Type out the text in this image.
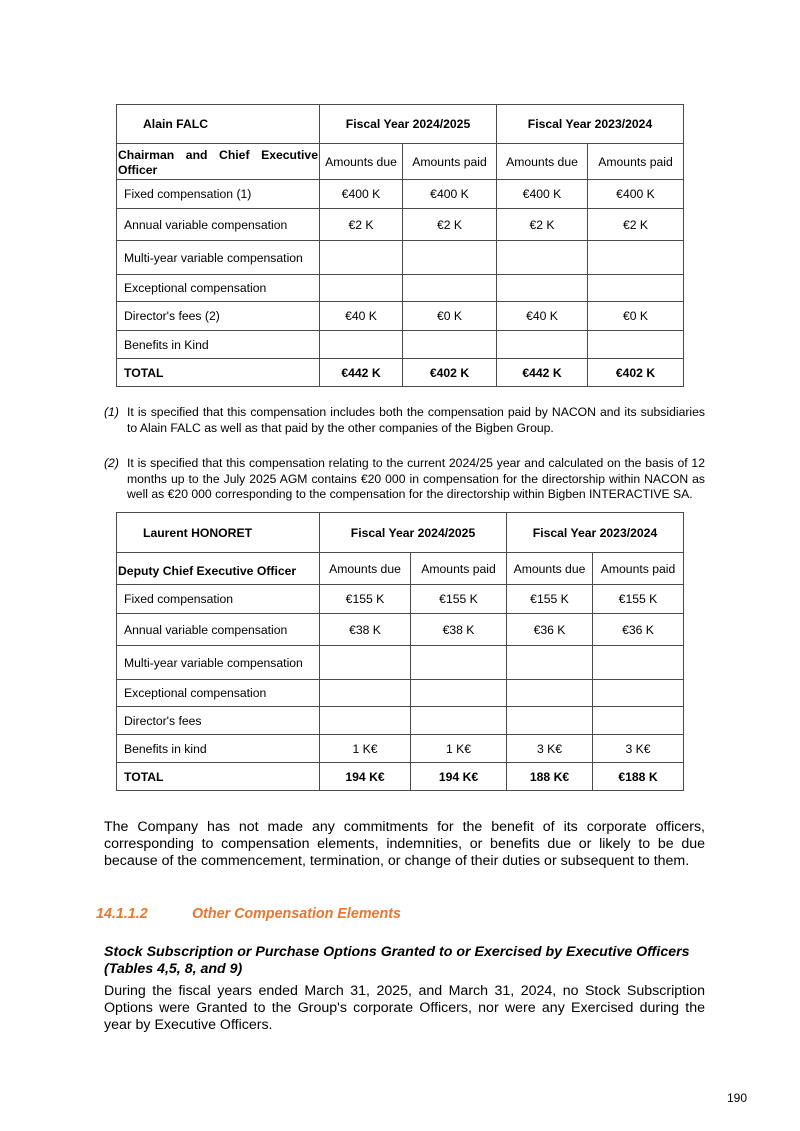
Alain FALC	Fiscal Year 2024/2025		Fiscal Year 2023/2024	
Chairman and Chief Executive
Officer	Amounts due	Amounts paid	Amounts due	Amounts paid
Fixed compensation (1)	€400 K	€400 K	€400 K	€400 K
Annual variable compensation	€2 K	€2 K	€2 K	€2 K
Multi-year variable compensation				
Exceptional compensation				
Director's fees (2)	€40 K	€0 K	€40 K	€0 K
Benefits in Kind				
TOTAL	€442 K	€402 K	€442 K	€402 K
(1) It is specified that this compensation includes both the compensation paid by NACON and its subsidiaries to Alain FALC as well as that paid by the other companies of the Bigben Group.
(2) It is specified that this compensation relating to the current 2024/25 year and calculated on the basis of 12 months up to the July 2025 AGM contains €20 000 in compensation for the directorship within NACON as well as €20 000 corresponding to the compensation for the directorship within Bigben INTERACTIVE SA.
Laurent HONORET	Fiscal Year 2024/2025		Fiscal Year 2023/2024	
Deputy Chief Executive Officer	Amounts due	Amounts paid	Amounts due	Amounts paid
Fixed compensation	€155 K	€155 K	€155 K	€155 K
Annual variable compensation	€38 K	€38 K	€36 K	€36 K
Multi-year variable compensation				
Exceptional compensation				
Director's fees				
Benefits in kind	1 K€	1 K€	3 K€	3 K€
TOTAL	194 K€	194 K€	188 K€	€188 K
The Company has not made any commitments for the benefit of its corporate officers, corresponding to compensation elements, indemnities, or benefits due or likely to be due because of the commencement, termination, or change of their duties or subsequent to them.
14.1.1.2	Other Compensation Elements
Stock Subscription or Purchase Options Granted to or Exercised by Executive Officers (Tables 4,5, 8, and 9)
During the fiscal years ended March 31, 2025, and March 31, 2024, no Stock Subscription Options were Granted to the Group's corporate Officers, nor were any Exercised during the year by Executive Officers.
190
